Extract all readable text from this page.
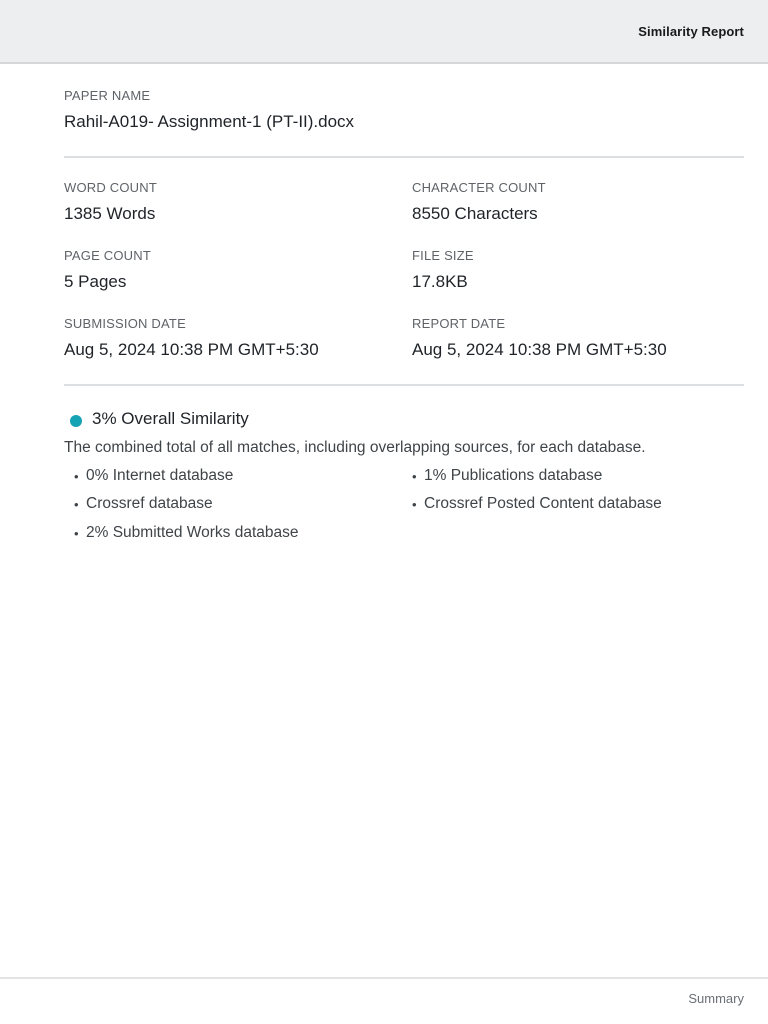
Similarity Report
PAPER NAME
Rahil-A019- Assignment-1 (PT-II).docx
WORD COUNT
1385 Words
CHARACTER COUNT
8550 Characters
PAGE COUNT
5 Pages
FILE SIZE
17.8KB
SUBMISSION DATE
Aug 5, 2024 10:38 PM GMT+5:30
REPORT DATE
Aug 5, 2024 10:38 PM GMT+5:30
3% Overall Similarity
The combined total of all matches, including overlapping sources, for each database.
• 0% Internet database	• 1% Publications database
• Crossref database	• Crossref Posted Content database
• 2% Submitted Works database
Summary
